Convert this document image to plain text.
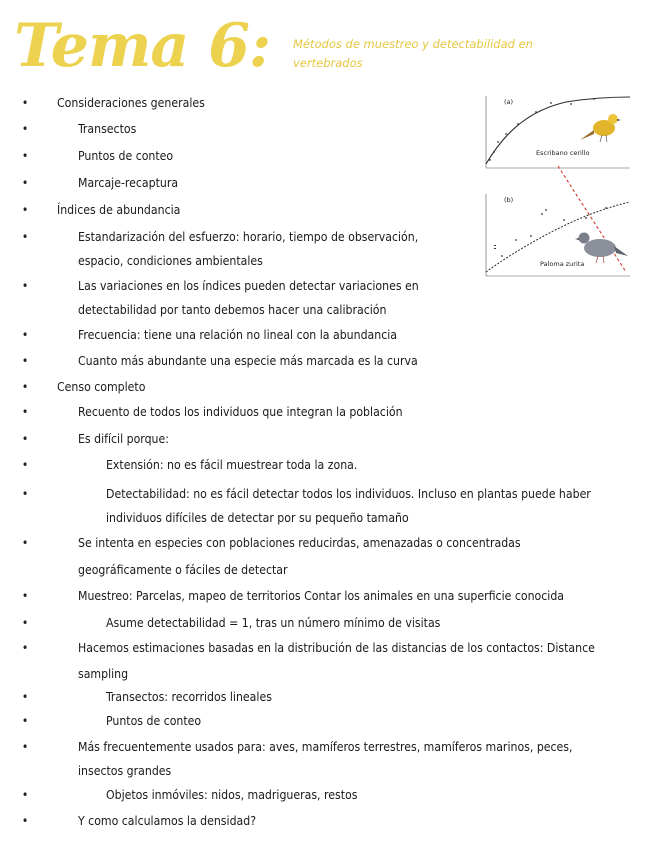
Tema 6: Métodos de muestreo y detectabilidad en vertebrados
• Consideraciones generales
•	Transectos
•	Puntos de conteo
•	Marcaje-recaptura
• Índices de abundancia
•	Estandarización del esfuerzo: horario, tiempo de observación,
espacio, condiciones ambientales
•	Las variaciones en los índices pueden detectar variaciones en
detectabilidad por tanto debemos hacer una calibración
•	Frecuencia: tiene una relación no lineal con la abundancia
•	Cuanto más abundante una especie más marcada es la curva
• Censo completo
•	Recuento de todos los individuos que integran la población
•	Es difícil porque:
•	Extensión: no es fácil muestrear toda la zona.
•	Detectabilidad: no es fácil detectar todos los individuos. Incluso en plantas puede haber
individuos difíciles de detectar por su pequeño tamaño
•	Se intenta en especies con poblaciones reducirdas, amenazadas o concentradas
geográficamente o fáciles de detectar
•	Muestreo: Parcelas, mapeo de territorios Contar los animales en una superficie conocida
•	Asume detectabilidad = 1, tras un número mínimo de visitas
•	Hacemos estimaciones basadas en la distribución de las distancias de los contactos: Distance
sampling
•	Transectos: recorridos lineales
•	Puntos de conteo
•	Más frecuentemente usados para: aves, mamíferos terrestres, mamíferos marinos, peces,
insectos grandes
•	Objetos inmóviles: nidos, madrigueras, restos
•	Y como calculamos la densidad?
(a)
Escribano cerillo
(b)
Paloma zurita
